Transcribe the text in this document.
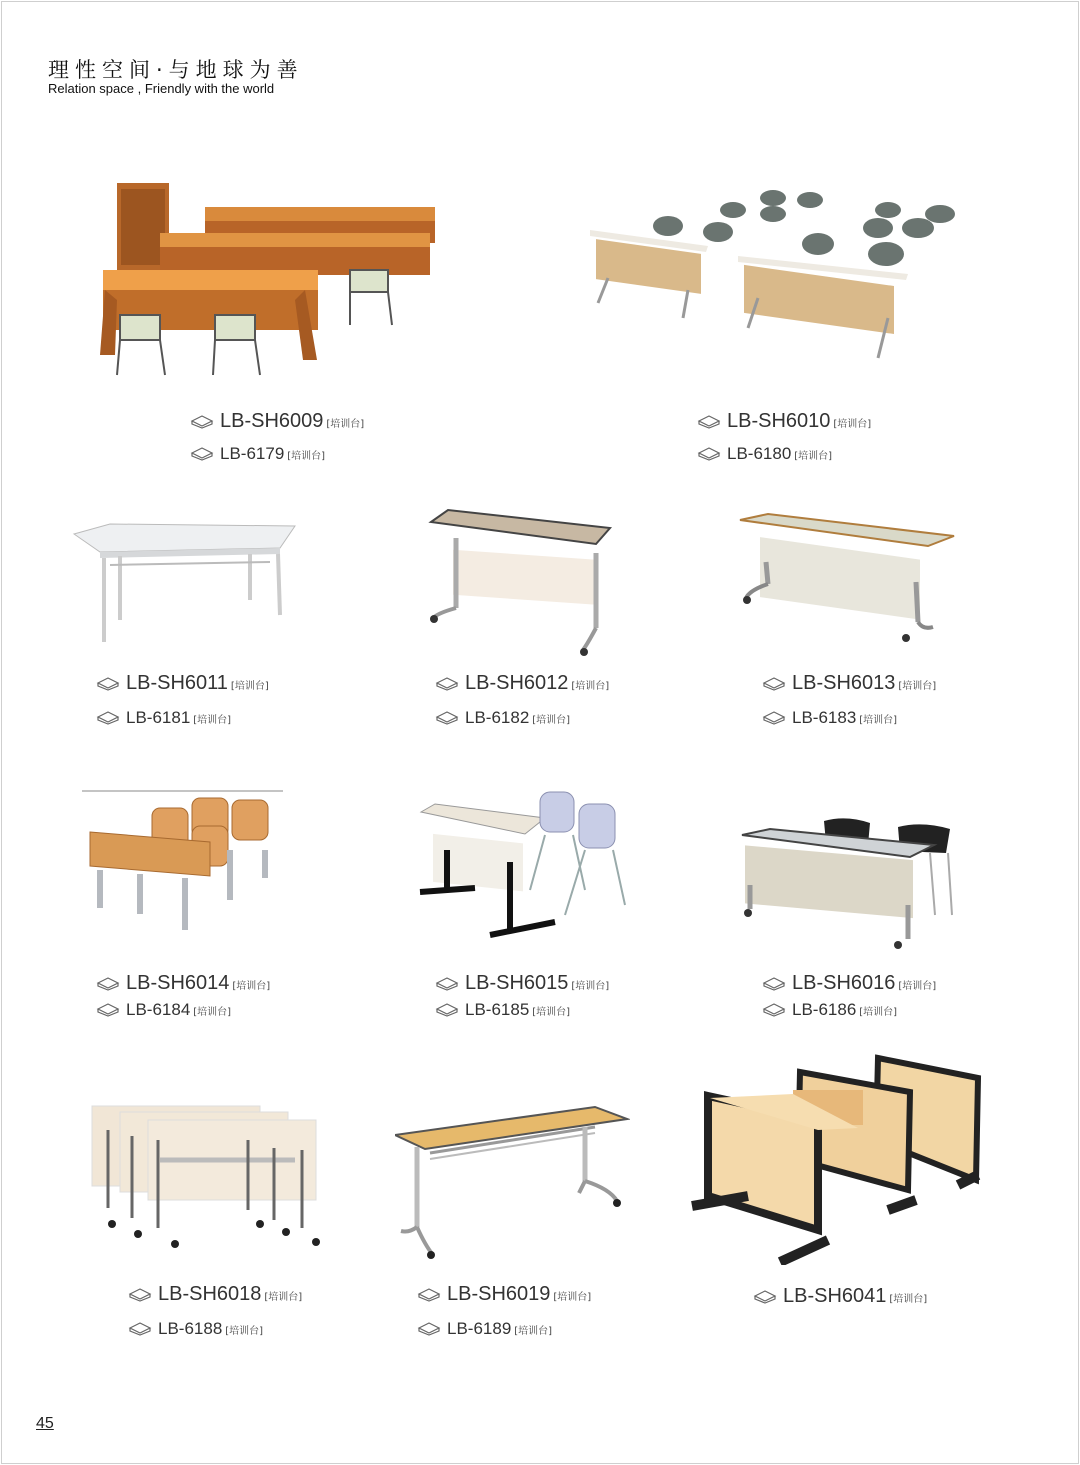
理性空间·与地球为善
Relation space , Friendly with the world
LB-SH6009 [培训台]
LB-6179 [培训台]
LB-SH6010 [培训台]
LB-6180 [培训台]
LB-SH6011 [培训台]
LB-6181 [培训台]
LB-SH6012 [培训台]
LB-6182 [培训台]
LB-SH6013 [培训台]
LB-6183 [培训台]
LB-SH6014 [培训台]
LB-6184 [培训台]
LB-SH6015 [培训台]
LB-6185 [培训台]
LB-SH6016 [培训台]
LB-6186 [培训台]
LB-SH6018 [培训台]
LB-6188 [培训台]
LB-SH6019 [培训台]
LB-6189 [培训台]
LB-SH6041 [培训台]
45
